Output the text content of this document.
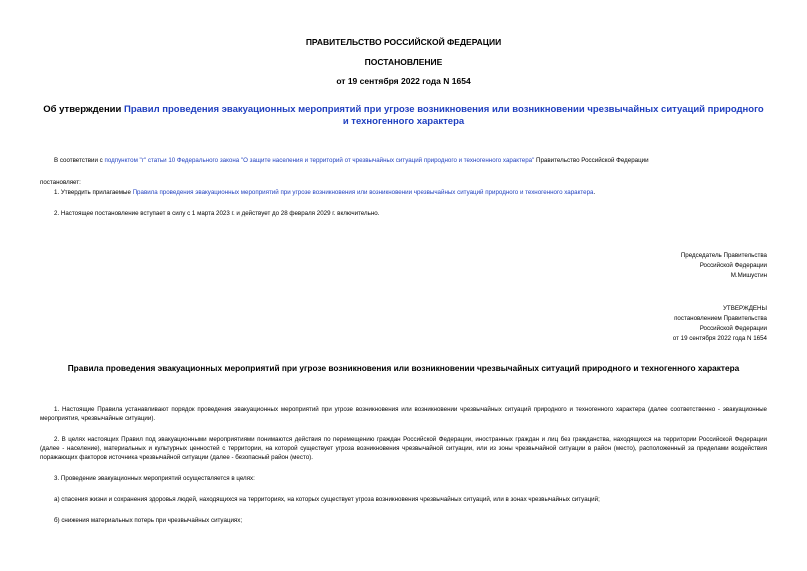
ПРАВИТЕЛЬСТВО РОССИЙСКОЙ ФЕДЕРАЦИИ
ПОСТАНОВЛЕНИЕ
от 19 сентября 2022 года N 1654
Об утверждении Правил проведения эвакуационных мероприятий при угрозе возникновения или возникновении чрезвычайных ситуаций природного и техногенного характера
В соответствии с подпунктом "г" статьи 10 Федерального закона "О защите населения и территорий от чрезвычайных ситуаций природного и техногенного характера" Правительство Российской Федерации
постановляет:
1. Утвердить прилагаемые Правила проведения эвакуационных мероприятий при угрозе возникновения или возникновении чрезвычайных ситуаций природного и техногенного характера.
2. Настоящее постановление вступает в силу с 1 марта 2023 г. и действует до 28 февраля 2029 г. включительно.
Председатель Правительства
Российской Федерации
М.Мишустин
УТВЕРЖДЕНЫ
постановлением Правительства
Российской Федерации
от 19 сентября 2022 года N 1654
Правила проведения эвакуационных мероприятий при угрозе возникновения или возникновении чрезвычайных ситуаций природного и техногенного характера
1. Настоящие Правила устанавливают порядок проведения эвакуационных мероприятий при угрозе возникновения или возникновении чрезвычайных ситуаций природного и техногенного характера (далее соответственно - эвакуационные мероприятия, чрезвычайные ситуации).
2. В целях настоящих Правил под эвакуационными мероприятиями понимаются действия по перемещению граждан Российской Федерации, иностранных граждан и лиц без гражданства, находящихся на территории Российской Федерации (далее - население), материальных и культурных ценностей с территории, на которой существует угроза возникновения чрезвычайной ситуации, или из зоны чрезвычайной ситуации в район (место), расположенный за пределами воздействия поражающих факторов источника чрезвычайной ситуации (далее - безопасный район (место).
3. Проведение эвакуационных мероприятий осуществляется в целях:
а) спасения жизни и сохранения здоровья людей, находящихся на территориях, на которых существует угроза возникновения чрезвычайных ситуаций, или в зонах чрезвычайных ситуаций;
б) снижения материальных потерь при чрезвычайных ситуациях;
